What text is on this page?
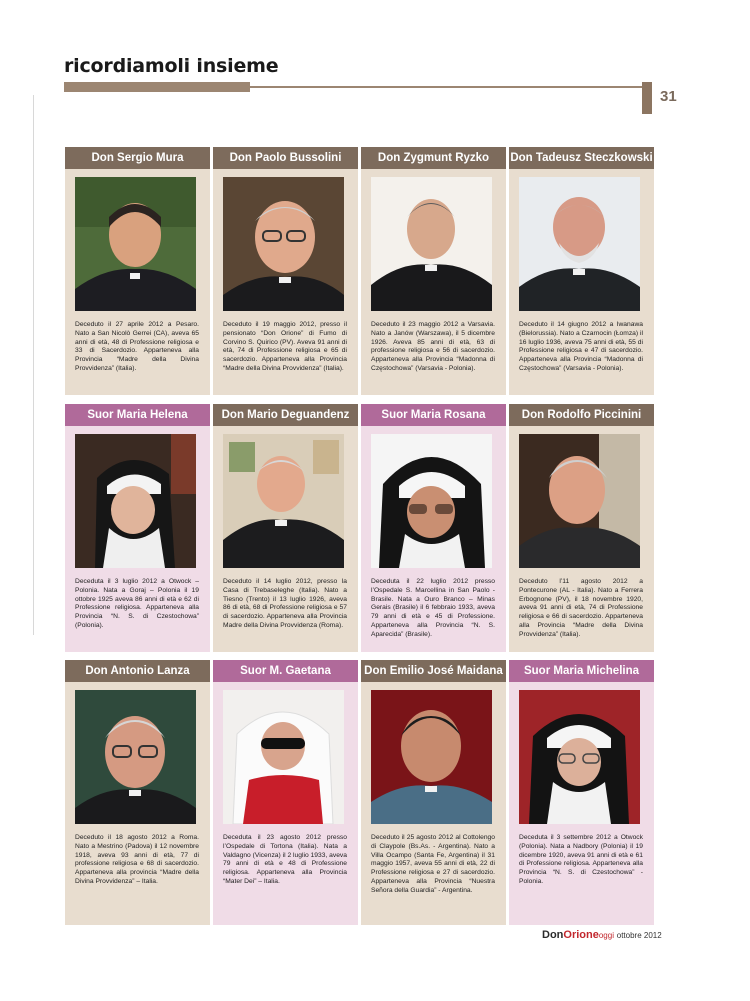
ricordiamoli insieme
31
Don Sergio Mura
Deceduto il 27 aprile 2012 a Pesaro. Nato a San Nicolò Gerrei (CA), aveva 65 anni di età, 48 di Professione religiosa e 33 di Sacerdozio. Apparteneva alla Provincia “Madre della Divina Provvidenza” (Italia).
Don Paolo Bussolini
Deceduto il 19 maggio 2012, presso il pensionato “Don Orione” di Fumo di Corvino S. Quirico (PV). Aveva 91 anni di età, 74 di Professione religiosa e 65 di sacerdozio. Apparteneva alla Provincia “Madre della Divina Provvidenza” (Italia).
Don Zygmunt Ryzko
Deceduto il 23 maggio 2012 a Varsavia. Nato a Janów (Warszawa), il 5 dicembre 1926. Aveva 85 anni di età, 63 di professione religiosa e 56 di sacerdozio. Apparteneva alla Provincia “Madonna di Częstochowa” (Varsavia - Polonia).
Don Tadeusz Steczkowski
Deceduto il 14 giugno 2012 a Iwanawa (Bielorussia). Nato a Czarnocin (Łomza) il 16 luglio 1936, aveva 75 anni di età, 55 di Professione religiosa e 47 di sacerdozio. Apparteneva alla Provincia “Madonna di Częstochowa” (Varsavia - Polonia).
Suor Maria Helena
Deceduta il 3 luglio 2012 a Otwock – Polonia. Nata a Goraj – Polonia il 19 ottobre 1925 aveva 86 anni di età e 62 di Professione religiosa. Apparteneva alla Provincia “N. S. di Czestochowa” (Polonia).
Don Mario Deguandenz
Deceduto il 14 luglio 2012, presso la Casa di Trebaseleghe (Italia). Nato a Tiesno (Trento) il 13 luglio 1926, aveva 86 di età, 68 di Professione religiosa e 57 di sacerdozio. Apparteneva alla Provincia Madre della Divina Provvidenza (Roma).
Suor Maria Rosana
Deceduta il 22 luglio 2012 presso l’Ospedale S. Marcellina in San Paolo - Brasile. Nata a Ouro Branco – Minas Gerais (Brasile) il 6 febbraio 1933, aveva 79 anni di età e 45 di Professione. Apparteneva alla Provincia “N. S. Aparecida” (Brasile).
Don Rodolfo Piccinini
Deceduto l’11 agosto 2012 a Pontecurone (AL - Italia). Nato a Ferrera Erbognone (PV), il 18 novembre 1920, aveva 91 anni di età, 74 di Professione religiosa e 66 di sacerdozio. Apparteneva alla Provincia “Madre della Divina Provvidenza” (Italia).
Don Antonio Lanza
Deceduto il 18 agosto 2012 a Roma. Nato a Mestrino (Padova) il 12 novembre 1918, aveva 93 anni di età, 77 di professione religiosa e 68 di sacerdozio. Apparteneva alla provincia “Madre della Divina Provvidenza” – Italia.
Suor M. Gaetana
Deceduta il 23 agosto 2012 presso l’Ospedale di Tortona (Italia). Nata a Valdagno (Vicenza) il 2 luglio 1933, aveva 79 anni di età e 48 di Professione religiosa. Apparteneva alla Provincia “Mater Dei” – Italia.
Don Emilio José Maidana
Deceduto il 25 agosto 2012 al Cottolengo di Claypole (Bs.As. - Argentina). Nato a Villa Ocampo (Santa Fe, Argentina) il 31 maggio 1957, aveva 55 anni di età, 22 di Professione religiosa e 27 di sacerdozio. Apparteneva alla Provincia “Nuestra Señora della Guardia” - Argentina.
Suor Maria Michelina
Deceduta il 3 settembre 2012 a Otwock (Polonia). Nata a Nadbory (Polonia) il 19 dicembre 1920, aveva 91 anni di età e 61 di Professione religiosa. Apparteneva alla Provincia “N. S. di Czestochowa” - Polonia.
DonOrioneoggi ottobre 2012
